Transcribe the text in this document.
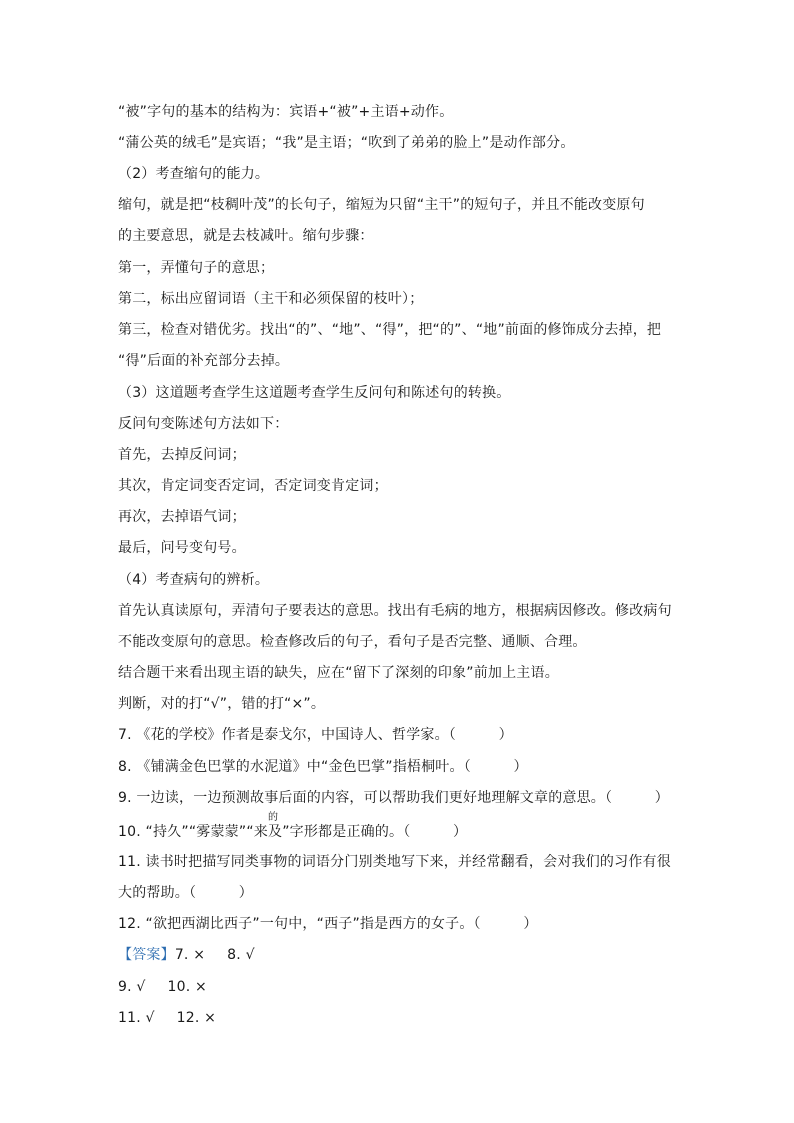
“被”字句的基本的结构为：宾语+“被”+主语+动作。
“蒲公英的绒毛”是宾语；“我”是主语；“吹到了弟弟的脸上”是动作部分。
（2）考查缩句的能力。
缩句，就是把“枝稠叶茂”的长句子，缩短为只留“主干”的短句子，并且不能改变原句
的主要意思，就是去枝减叶。缩句步骤：
第一，弄懂句子的意思；
第二，标出应留词语（主干和必须保留的枝叶）；
第三，检查对错优劣。找出“的”、“地”、“得”，把“的”、“地”前面的修饰成分去掉，把
“得”后面的补充部分去掉。
（3）这道题考查学生这道题考查学生反问句和陈述句的转换。
反问句变陈述句方法如下：
首先，去掉反问词；
其次，肯定词变否定词，否定词变肯定词；
再次，去掉语气词；
最后，问号变句号。
（4）考查病句的辨析。
首先认真读原句，弄清句子要表达的意思。找出有毛病的地方，根据病因修改。修改病句
不能改变原句的意思。检查修改后的句子，看句子是否完整、通顺、合理。
结合题干来看出现主语的缺失，应在“留下了深刻的印象”前加上主语。
判断，对的打“√”，错的打“×”。
7. 《花的学校》作者是泰戈尔，中国诗人、哲学家。（　　　）
8. 《铺满金色巴掌的水泥道》中“金色巴掌”指梧桐叶。（　　　）
9. 一边读，一边预测故事后面的内容，可以帮助我们更好地理解文章的意思。（　　　）
10. “持久”“雾蒙蒙”“来
的
及”字形都是正确的。（　　　）
11. 读书时把描写同类事物的词语分门别类地写下来，并经常翻看，会对我们的习作有很
大的帮助。（　　　）
12. “欲把西湖比西子”一句中，“西子”指是西方的女子。（　　　）
【答案】7. × 8. √
9. √ 10. ×
11. √ 12. ×
